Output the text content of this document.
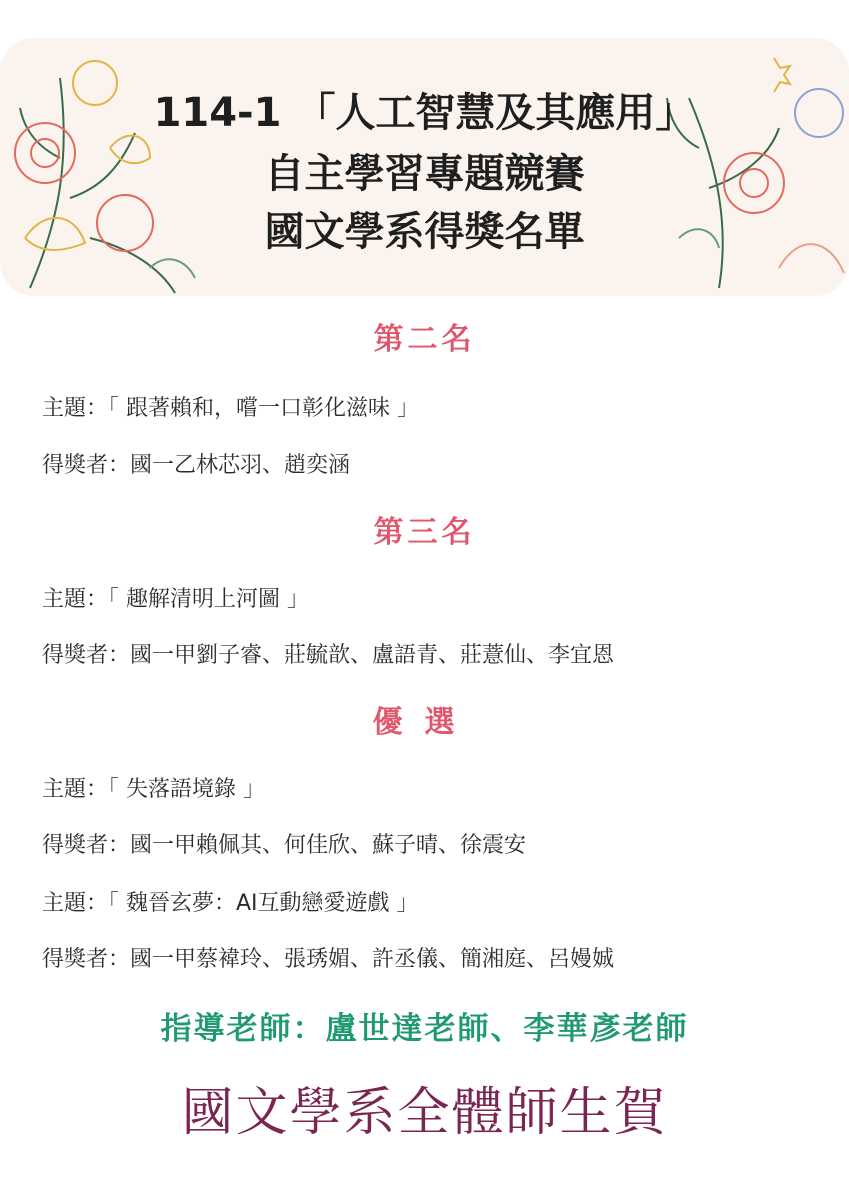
114-1 「人工智慧及其應用」
自主學習專題競賽
國文學系得獎名單
第二名
主題：「 跟著賴和，嚐一口彰化滋味 」
得獎者：國一乙林芯羽、趙奕涵
第三名
主題：「 趣解清明上河圖 」
得獎者：國一甲劉子睿、莊毓歆、盧語青、莊薏仙、李宜恩
優選
主題：「 失落語境錄 」
得獎者：國一甲賴佩其、何佳欣、蘇子晴、徐震安
主題：「 魏晉玄夢：AI互動戀愛遊戲 」
得獎者：國一甲蔡褘玲、張琇媚、許丞儀、簡湘庭、呂嫚娍
指導老師：盧世達老師、李華彥老師
國文學系全體師生賀
